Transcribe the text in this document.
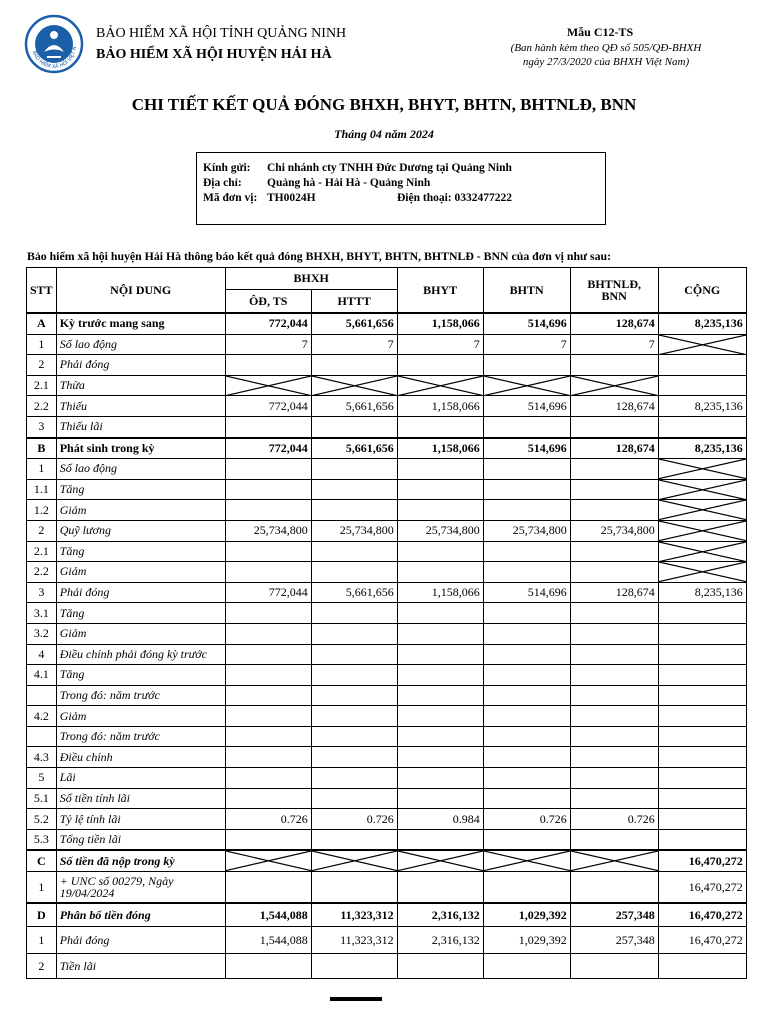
BẢO HIỂM XÃ HỘI VIỆT N
BẢO HIỂM XÃ HỘI TỈNH QUẢNG NINH
BẢO HIỂM XÃ HỘI HUYỆN HẢI HÀ
Mẫu C12-TS
(Ban hành kèm theo QĐ số 505/QĐ-BHXH
ngày 27/3/2020 của BHXH Việt Nam)
CHI TIẾT KẾT QUẢ ĐÓNG BHXH, BHYT, BHTN, BHTNLĐ, BNN
Tháng 04 năm 2024
Kính gửi: Chi nhánh cty TNHH Đức Dương tại Quảng Ninh
Địa chỉ: Quảng hà - Hải Hà - Quảng Ninh
Mã đơn vị: TH0024H	Điện thoại: 0332477222
Bảo hiểm xã hội huyện Hải Hà thông báo kết quả đóng BHXH, BHYT, BHTN, BHTNLĐ - BNN của đơn vị như sau:
STT	NỘI DUNG	BHXH		BHYT	BHTN	BHTNLĐ, BNN	CỘNG
		ÔĐ, TS	HTTT				
A	Kỳ trước mang sang	772,044	5,661,656	1,158,066	514,696	128,674	8,235,136
1	Số lao động	7	7	7	7	7	

2	Phải đóng						
2.1	Thừa	

2.2	Thiếu	772,044	5,661,656	1,158,066	514,696	128,674	8,235,136
3	Thiếu lãi						
B	Phát sinh trong kỳ	772,044	5,661,656	1,158,066	514,696	128,674	8,235,136
1	Số lao động						

1.1	Tăng						

1.2	Giảm						

2	Quỹ lương	25,734,800	25,734,800	25,734,800	25,734,800	25,734,800	

2.1	Tăng						

2.2	Giảm						

3	Phải đóng	772,044	5,661,656	1,158,066	514,696	128,674	8,235,136
3.1	Tăng						
3.2	Giảm						
4	Điều chỉnh phải đóng kỳ trước						
4.1	Tăng						
	Trong đó: năm trước						
4.2	Giảm						
	Trong đó: năm trước						
4.3	Điều chỉnh						
5	Lãi						
5.1	Số tiền tính lãi						
5.2	Tỷ lệ tính lãi	0.726	0.726	0.984	0.726	0.726	
5.3	Tổng tiền lãi						
C	Số tiền đã nộp trong kỳ						16,470,272
1	+ UNC số 00279, Ngày 19/04/2024						16,470,272
D	Phân bổ tiền đóng	1,544,088	11,323,312	2,316,132	1,029,392	257,348	16,470,272
1	Phải đóng	1,544,088	11,323,312	2,316,132	1,029,392	257,348	16,470,272
2	Tiền lãi						
